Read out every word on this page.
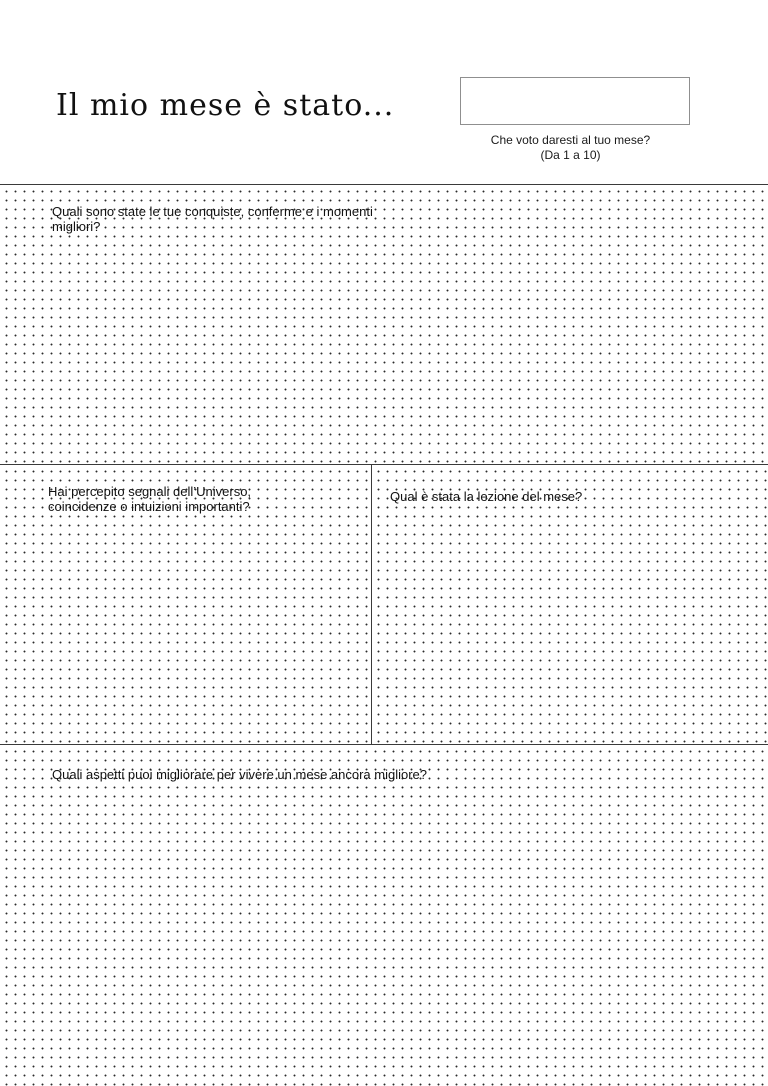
Il mio mese è stato...
Che voto daresti al tuo mese?
(Da 1 a 10)
Quali sono state le tue conquiste, conferme e i momenti migliori?
Hai percepito segnali dell’Universo, coincidenze o intuizioni importanti?
Qual è stata la lezione del mese?
Quali aspetti puoi migliorare per vivere un mese ancora migliore?
